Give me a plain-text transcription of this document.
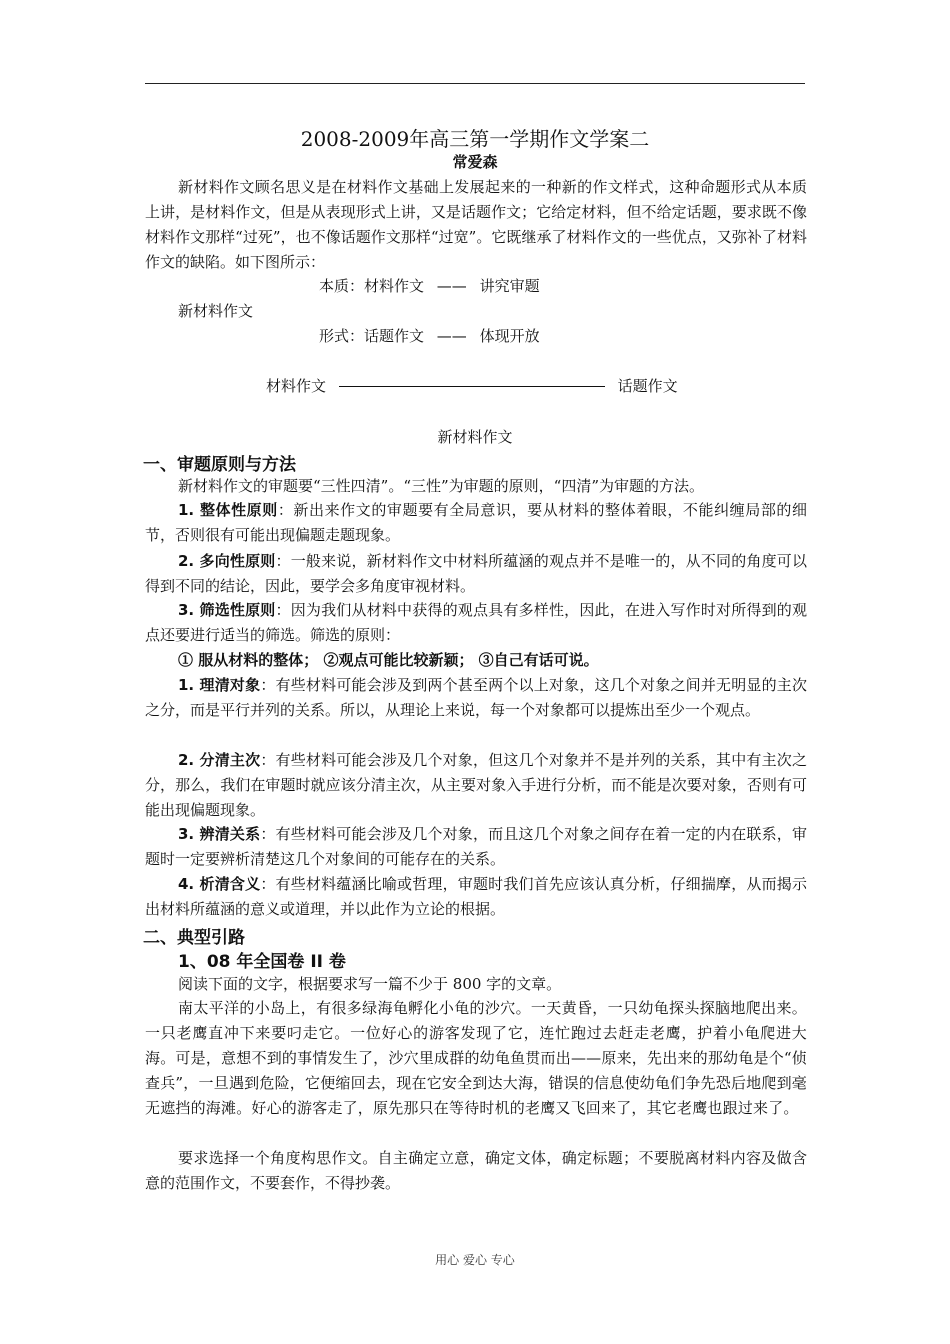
2008-2009年高三第一学期作文学案二
常爱森

新材料作文顾名思义是在材料作文基础上发展起来的一种新的作文样式，这种命题形式从本质上讲，是材料作文，但是从表现形式上讲，又是话题作文；它给定材料，但不给定话题，要求既不像材料作文那样“过死”，也不像话题作文那样“过宽”。它既继承了材料作文的一些优点，又弥补了材料作文的缺陷。如下图所示：

本质：材料作文 —— 讲究审题
新材料作文
形式：话题作文 —— 体现开放
材料作文	话题作文
新材料作文
一、审题原则与方法

新材料作文的审题要“三性四清”。“三性”为审题的原则，“四清”为审题的方法。

1. 整体性原则：新出来作文的审题要有全局意识，要从材料的整体着眼，不能纠缠局部的细节，否则很有可能出现偏题走题现象。

2. 多向性原则：一般来说，新材料作文中材料所蕴涵的观点并不是唯一的，从不同的角度可以得到不同的结论，因此，要学会多角度审视材料。

3. 筛选性原则：因为我们从材料中获得的观点具有多样性，因此，在进入写作时对所得到的观点还要进行适当的筛选。筛选的原则：

① 服从材料的整体； ②观点可能比较新颖； ③自己有话可说。

1. 理清对象：有些材料可能会涉及到两个甚至两个以上对象，这几个对象之间并无明显的主次之分，而是平行并列的关系。所以，从理论上来说，每一个对象都可以提炼出至少一个观点。

2. 分清主次：有些材料可能会涉及几个对象，但这几个对象并不是并列的关系，其中有主次之分，那么，我们在审题时就应该分清主次，从主要对象入手进行分析，而不能是次要对象，否则有可能出现偏题现象。

3. 辨清关系：有些材料可能会涉及几个对象，而且这几个对象之间存在着一定的内在联系，审题时一定要辨析清楚这几个对象间的可能存在的关系。

4. 析清含义：有些材料蕴涵比喻或哲理，审题时我们首先应该认真分析，仔细揣摩，从而揭示出材料所蕴涵的意义或道理，并以此作为立论的根据。

二、典型引路
1、08 年全国卷 II 卷

阅读下面的文字，根据要求写一篇不少于 800 字的文章。

南太平洋的小岛上，有很多绿海龟孵化小龟的沙穴。一天黄昏，一只幼龟探头探脑地爬出来。一只老鹰直冲下来要叼走它。一位好心的游客发现了它，连忙跑过去赶走老鹰，护着小龟爬进大海。可是，意想不到的事情发生了，沙穴里成群的幼龟鱼贯而出——原来，先出来的那幼龟是个“侦查兵”，一旦遇到危险，它便缩回去，现在它安全到达大海，错误的信息使幼龟们争先恐后地爬到毫无遮挡的海滩。好心的游客走了，原先那只在等待时机的老鹰又飞回来了，其它老鹰也跟过来了。

要求选择一个角度构思作文。自主确定立意，确定文体，确定标题；不要脱离材料内容及做含意的范围作文，不要套作，不得抄袭。

用心 爱心 专心
